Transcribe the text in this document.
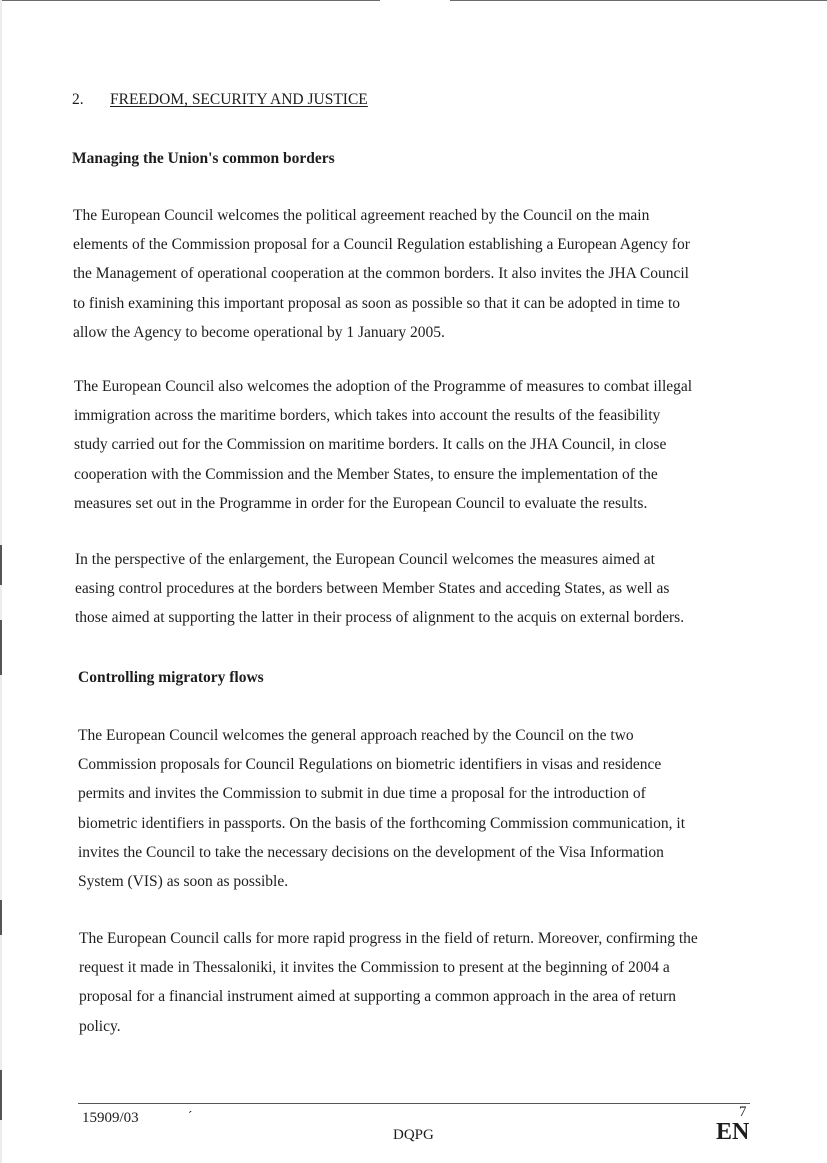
2. FREEDOM, SECURITY AND JUSTICE
Managing the Union's common borders

The European Council welcomes the political agreement reached by the Council on the main
elements of the Commission proposal for a Council Regulation establishing a European Agency for
the Management of operational cooperation at the common borders. It also invites the JHA Council
to finish examining this important proposal as soon as possible so that it can be adopted in time to
allow the Agency to become operational by 1 January 2005.

The European Council also welcomes the adoption of the Programme of measures to combat illegal
immigration across the maritime borders, which takes into account the results of the feasibility
study carried out for the Commission on maritime borders. It calls on the JHA Council, in close
cooperation with the Commission and the Member States, to ensure the implementation of the
measures set out in the Programme in order for the European Council to evaluate the results.

In the perspective of the enlargement, the European Council welcomes the measures aimed at
easing control procedures at the borders between Member States and acceding States, as well as
those aimed at supporting the latter in their process of alignment to the acquis on external borders.

Controlling migratory flows

The European Council welcomes the general approach reached by the Council on the two
Commission proposals for Council Regulations on biometric identifiers in visas and residence
permits and invites the Commission to submit in due time a proposal for the introduction of
biometric identifiers in passports. On the basis of the forthcoming Commission communication, it
invites the Council to take the necessary decisions on the development of the Visa Information
System (VIS) as soon as possible.

The European Council calls for more rapid progress in the field of return. Moreover, confirming the
request it made in Thessaloniki, it invites the Commission to present at the beginning of 2004 a
proposal for a financial instrument aimed at supporting a common approach in the area of return
policy.

15909/03	´	7
DQPG	EN
